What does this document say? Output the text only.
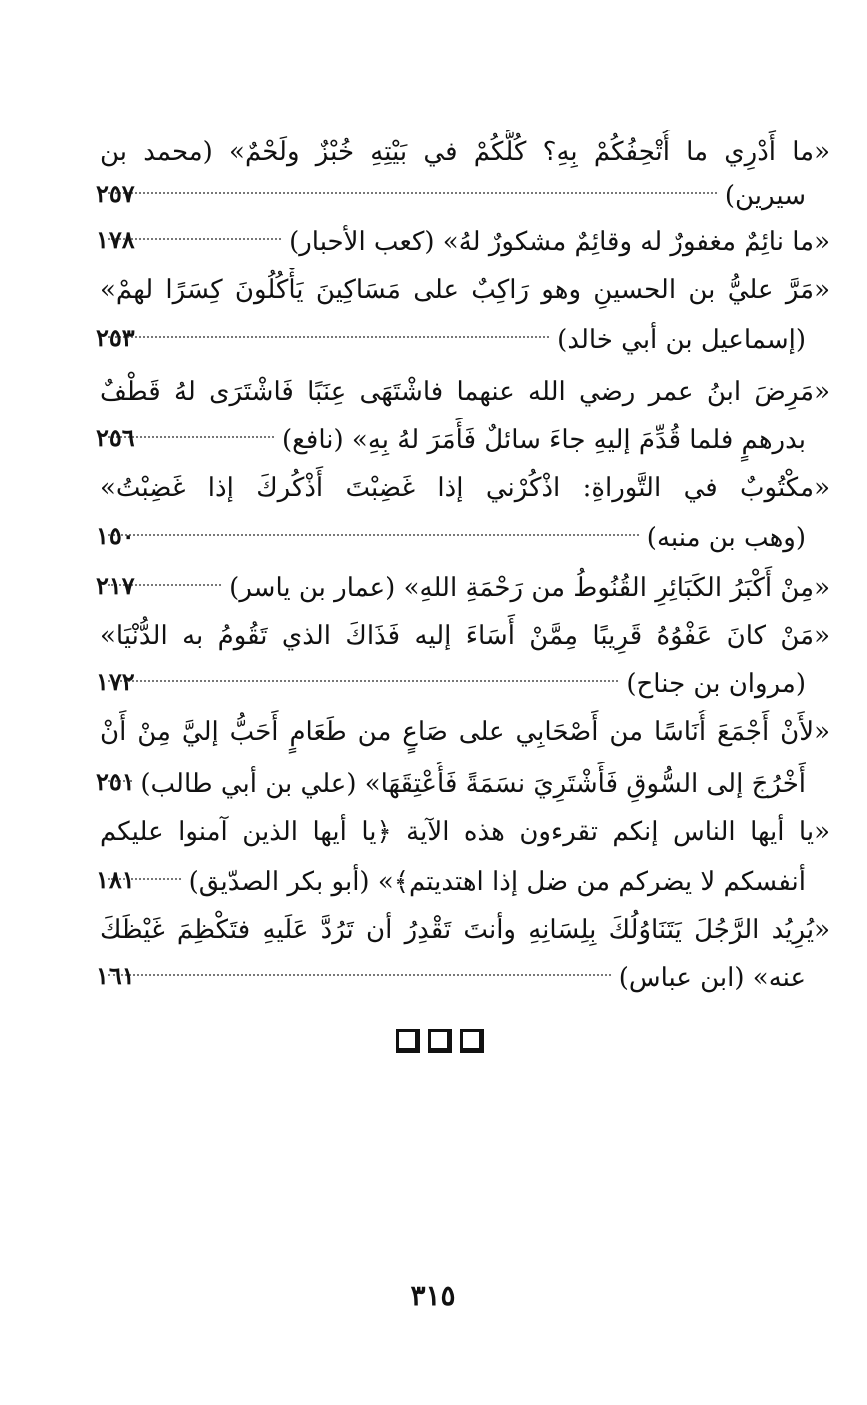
«ما أَدْرِي ما أُتْحِفُكُمْ بِهِ؟ كُلُّكُمْ في بَيْتِهِ خُبْزٌ ولَحْمٌ» (محمد بن
سيرين)
٢٥٧
«ما نائِمٌ مغفورٌ له وقائِمٌ مشكورٌ لهُ» (كعب الأحبار)
١٧٨
«مَرَّ عليُّ بن الحسينِ وهو رَاكِبٌ على مَسَاكِينَ يَأْكُلُونَ كِسَرًا لهمْ»
(إسماعيل بن أبي خالد)
٢٥٣
«مَرِضَ ابنُ عمر رضي الله عنهما فاشْتَهَى عِنَبًا فَاشْتَرَى لهُ قَطْفٌ
بدرهمٍ فلما قُدِّمَ إليهِ جاءَ سائلٌ فَأَمَرَ لهُ بِهِ» (نافع)
٢٥٦
«مكْتُوبٌ في التَّوراةِ: اذْكُرْني إذا غَضِبْتَ أَذْكُركَ إذا غَضِبْتُ»
(وهب بن منبه)
١٥٠
«مِنْ أَكْبَرُ الكَبَائِرِ القُنُوطُ من رَحْمَةِ اللهِ» (عمار بن ياسر)
٢١٧
«مَنْ كانَ عَفْوُهُ قَرِيبًا مِمَّنْ أَسَاءَ إليه فَذَاكَ الذي تَقُومُ به الدُّنْيَا»
(مروان بن جناح)
١٧٢
«لأَنْ أَجْمَعَ أُنَاسًا من أَصْحَابِي على صَاعٍ من طَعَامٍ أَحَبُّ إليَّ مِنْ أَنْ
أَخْرُجَ إلى السُّوقِ فَأَشْتَرِيَ نسَمَةً فَأُعْتِقَهَا» (علي بن أبي طالب)
٢٥١
«يا أيها الناس إنكم تقرءون هذه الآية ﴿يا أيها الذين آمنوا عليكم
أنفسكم لا يضركم من ضل إذا اهتديتم﴾» (أبو بكر الصدّيق)
١٨١
«يُرِيُد الرَّجُلَ يَتَنَاوُلُكَ بِلِسَانِهِ وأنتَ تَقْدِرُ أن تَرُدَّ عَلَيهِ فتَكْظِمَ غَيْظَكَ
عنه» (ابن عباس)
١٦١
٣١٥
